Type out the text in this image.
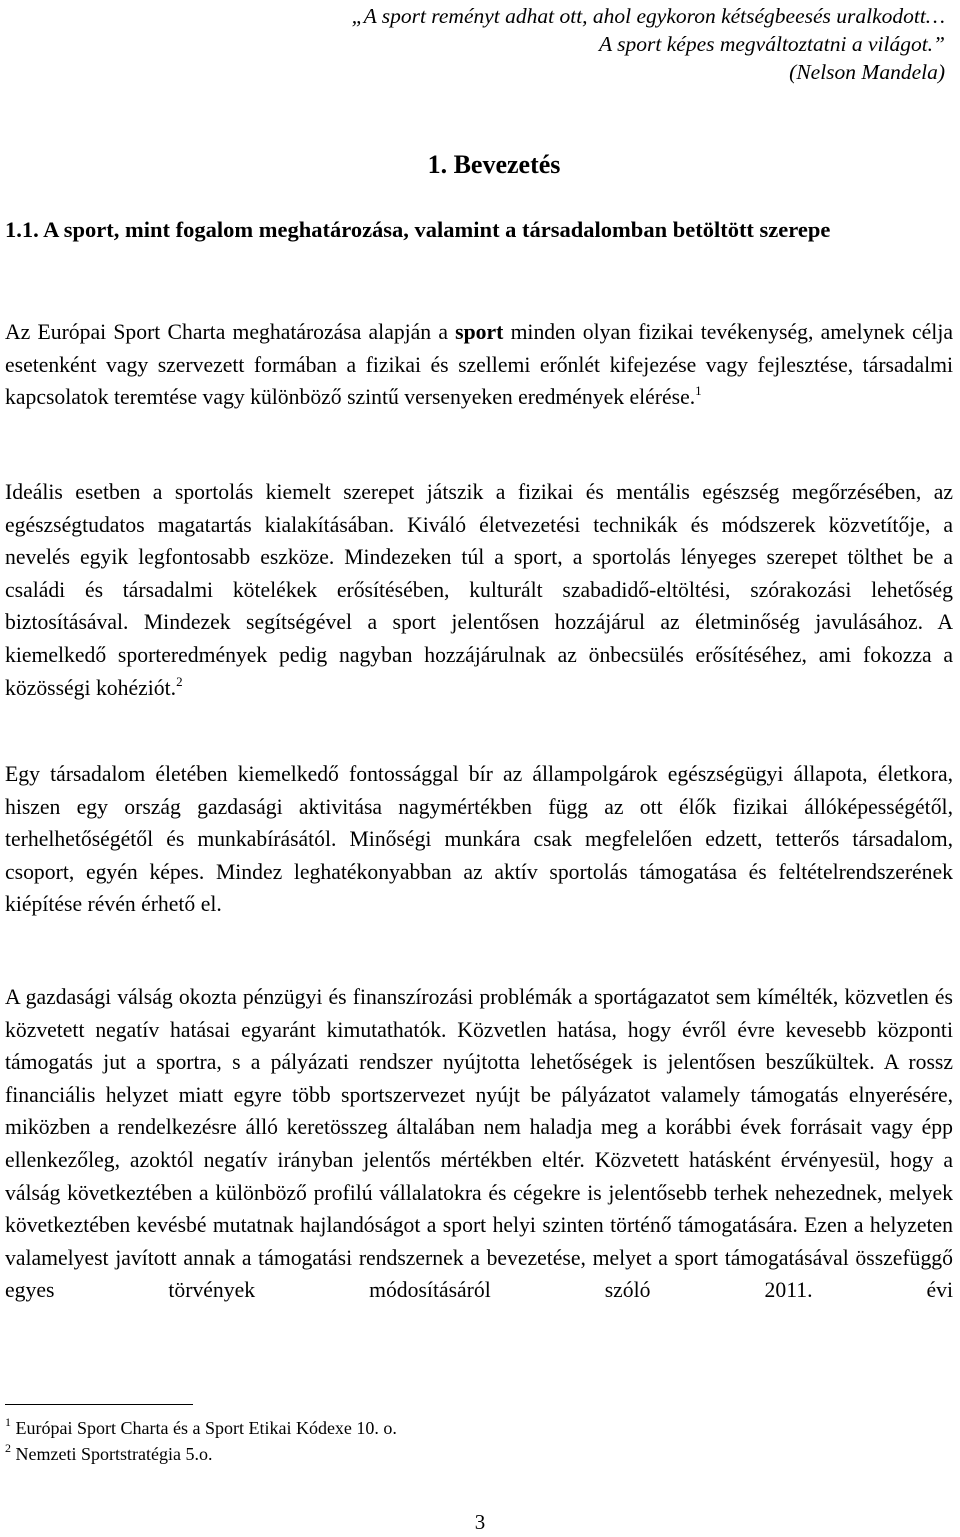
„A sport reményt adhat ott, ahol egykoron kétségbeesés uralkodott…
A sport képes megváltoztatni a világot.”
(Nelson Mandela)
1. Bevezetés
1.1. A sport, mint fogalom meghatározása, valamint a társadalomban betöltött szerepe
Az Európai Sport Charta meghatározása alapján a sport minden olyan fizikai tevékenység, amelynek célja esetenként vagy szervezett formában a fizikai és szellemi erőnlét kifejezése vagy fejlesztése, társadalmi kapcsolatok teremtése vagy különböző szintű versenyeken eredmények elérése.$^1$
Ideális esetben a sportolás kiemelt szerepet játszik a fizikai és mentális egészség megőrzésében, az egészségtudatos magatartás kialakításában. Kiváló életvezetési technikák és módszerek közvetítője, a nevelés egyik legfontosabb eszköze. Mindezeken túl a sport, a sportolás lényeges szerepet tölthet be a családi és társadalmi kötelékek erősítésében, kulturált szabadidő-eltöltési, szórakozási lehetőség biztosításával. Mindezek segítségével a sport jelentősen hozzájárul az életminőség javulásához. A kiemelkedő sporteredmények pedig nagyban hozzájárulnak az önbecsülés erősítéséhez, ami fokozza a közösségi kohéziót.$^2$
Egy társadalom életében kiemelkedő fontossággal bír az állampolgárok egészségügyi állapota, életkora, hiszen egy ország gazdasági aktivitása nagymértékben függ az ott élők fizikai állóképességétől, terhelhetőségétől és munkabírásától. Minőségi munkára csak megfelelően edzett, tetterős társadalom, csoport, egyén képes. Mindez leghatékonyabban az aktív sportolás támogatása és feltételrendszerének kiépítése révén érhető el.
A gazdasági válság okozta pénzügyi és finanszírozási problémák a sportágazatot sem kímélték, közvetlen és közvetett negatív hatásai egyaránt kimutathatók. Közvetlen hatása, hogy évről évre kevesebb központi támogatás jut a sportra, s a pályázati rendszer nyújtotta lehetőségek is jelentősen beszűkültek. A rossz financiális helyzet miatt egyre több sportszervezet nyújt be pályázatot valamely támogatás elnyerésére, miközben a rendelkezésre álló keretösszeg általában nem haladja meg a korábbi évek forrásait vagy épp ellenkezőleg, azoktól negatív irányban jelentős mértékben eltér. Közvetett hatásként érvényesül, hogy a válság következtében a különböző profilú vállalatokra és cégekre is jelentősebb terhek nehezednek, melyek következtében kevésbé mutatnak hajlandóságot a sport helyi szinten történő támogatására. Ezen a helyzeten valamelyest javított annak a támogatási rendszernek a bevezetése, melyet a sport támogatásával összefüggő egyes törvények módosításáról szóló 2011. évi
$^1$ Európai Sport Charta és a Sport Etikai Kódexe 10. o.
$^2$ Nemzeti Sportstratégia 5.o.
3
